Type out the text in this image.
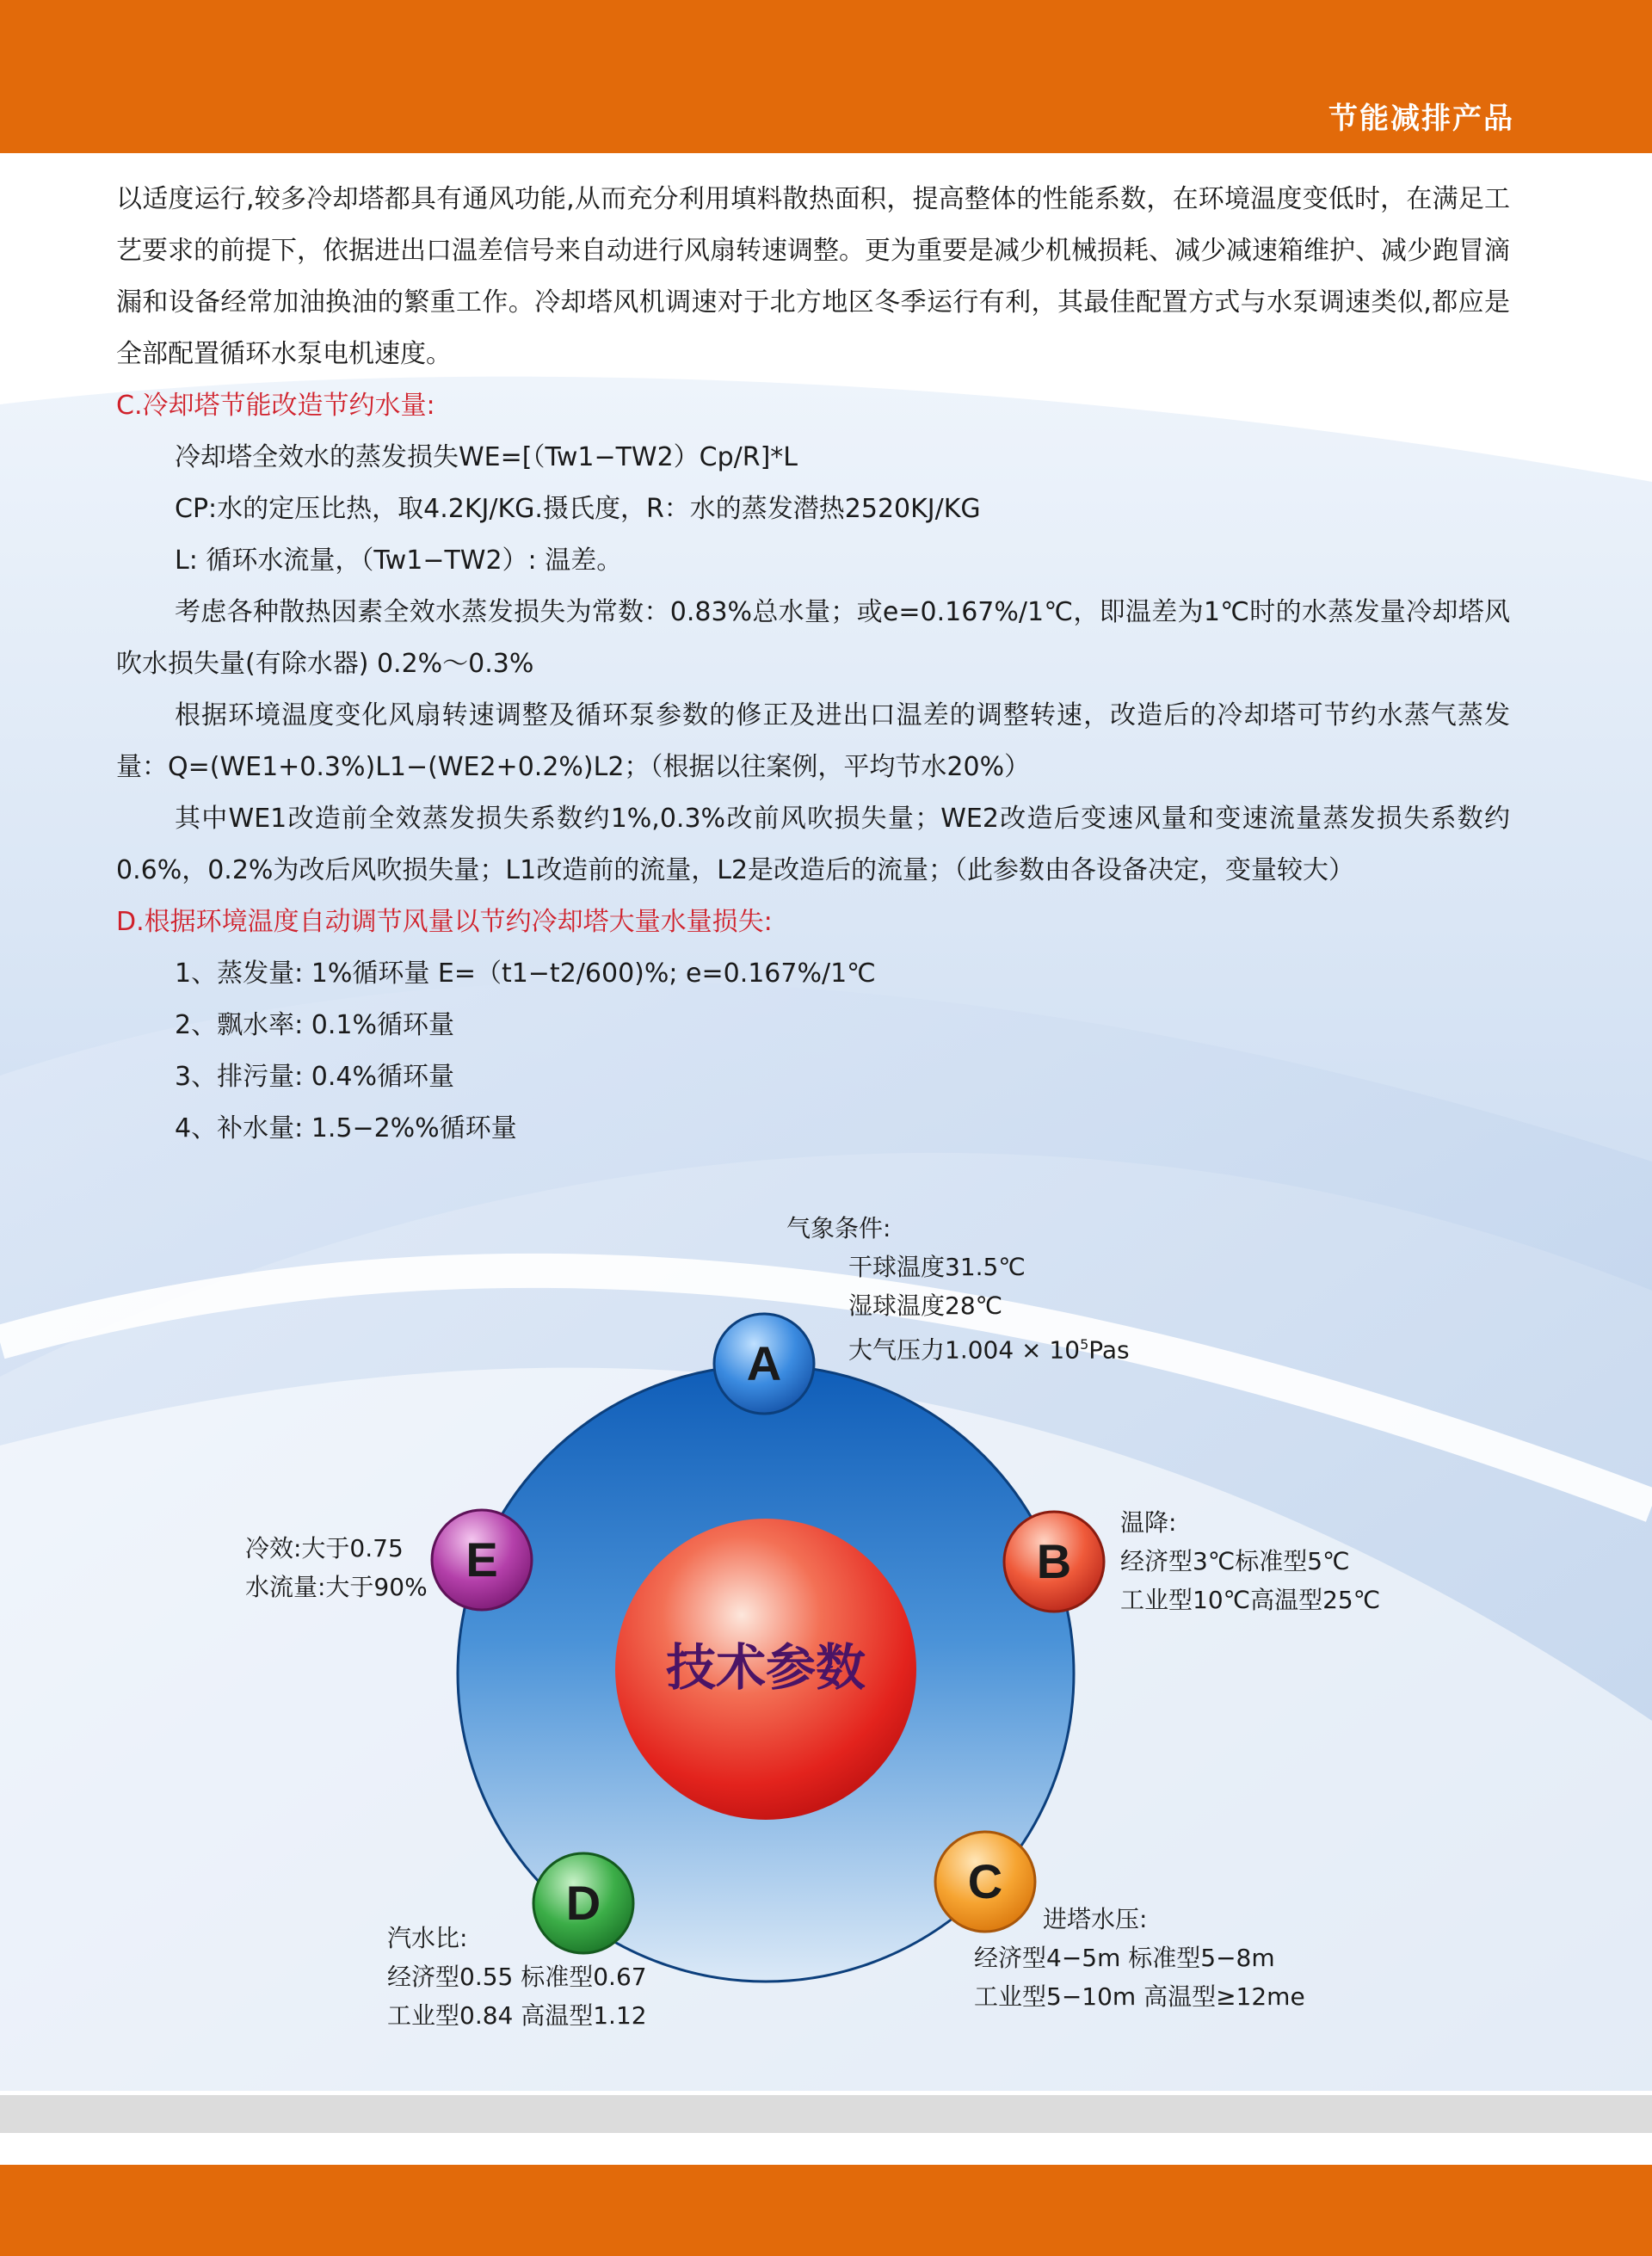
节能减排产品

以适度运行,较多冷却塔都具有通风功能,从而充分利用填料散热面积，提高整体的性能系数，在环境温度变低时，在满足工艺要求的前提下，依据进出口温差信号来自动进行风扇转速调整。更为重要是减少机械损耗、减少减速箱维护、减少跑冒滴漏和设备经常加油换油的繁重工作。冷却塔风机调速对于北方地区冬季运行有利，其最佳配置方式与水泵调速类似,都应是全部配置循环水泵电机速度。

C.冷却塔节能改造节约水量:

冷却塔全效水的蒸发损失WE=[（Tw1−TW2）Cp/R]*L

CP:水的定压比热，取4.2KJ/KG.摄氏度，R：水的蒸发潜热2520KJ/KG

L: 循环水流量，（Tw1−TW2）: 温差。

考虑各种散热因素全效水蒸发损失为常数：0.83%总水量；或e=0.167%/1℃，即温差为1℃时的水蒸发量冷却塔风吹水损失量(有除水器) 0.2%～0.3%

根据环境温度变化风扇转速调整及循环泵参数的修正及进出口温差的调整转速，改造后的冷却塔可节约水蒸气蒸发量：Q=(WE1+0.3%)L1−(WE2+0.2%)L2；（根据以往案例，平均节水20%）

其中WE1改造前全效蒸发损失系数约1%,0.3%改前风吹损失量；WE2改造后变速风量和变速流量蒸发损失系数约0.6%，0.2%为改后风吹损失量；L1改造前的流量，L2是改造后的流量；（此参数由各设备决定，变量较大）

D.根据环境温度自动调节风量以节约冷却塔大量水量损失:

1、蒸发量: 1%循环量 E=（t1−t2/600)%; e=0.167%/1℃

2、飘水率: 0.1%循环量

3、排污量: 0.4%循环量

4、补水量: 1.5−2%%循环量

技术参数
A
B
C
D
E
气象条件:
干球温度31.5℃
湿球温度28℃
大气压力$1.004 \times 10^5Pas$
温降:
经济型3℃标准型5℃
工业型10℃高温型25℃
进塔水压:
经济型4−5m 标准型5−8m
工业型5−10m 高温型≥12me
汽水比:
经济型0.55 标准型0.67
工业型0.84 高温型1.12
冷效:大于0.75
水流量:大于90%
